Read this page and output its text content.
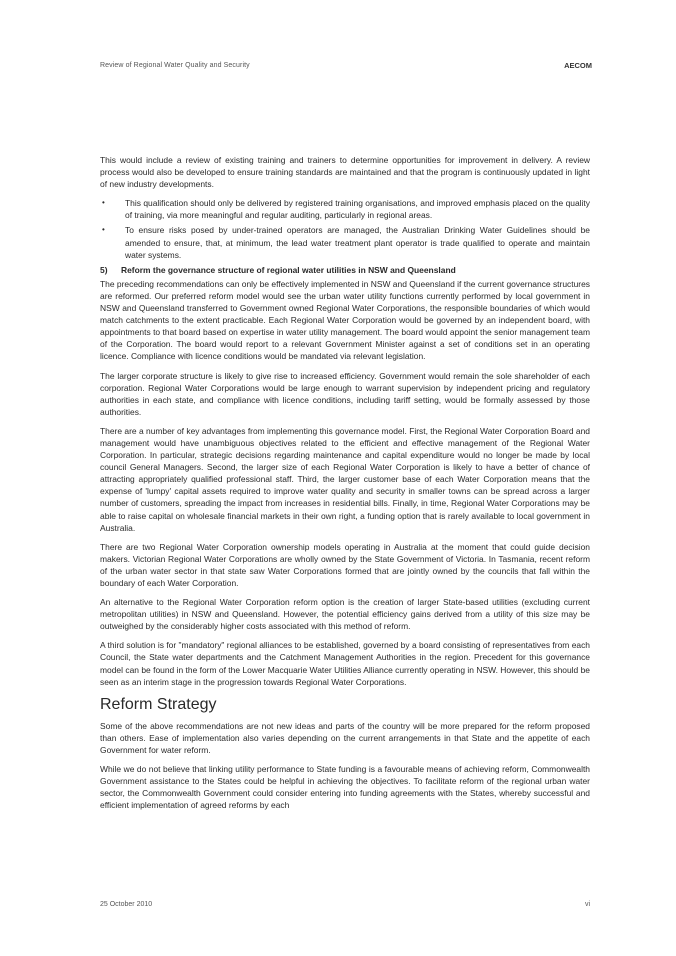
Review of Regional Water Quality and Security	AECOM

This would include a review of existing training and trainers to determine opportunities for improvement in delivery. A review process would also be developed to ensure training standards are maintained and that the program is continuously updated in light of new industry developments.

• This qualification should only be delivered by registered training organisations, and improved emphasis placed on the quality of training, via more meaningful and regular auditing, particularly in regional areas.
• To ensure risks posed by under-trained operators are managed, the Australian Drinking Water Guidelines should be amended to ensure, that, at minimum, the lead water treatment plant operator is trade qualified to operate and maintain water systems.
5)	Reform the governance structure of regional water utilities in NSW and Queensland

The preceding recommendations can only be effectively implemented in NSW and Queensland if the current governance structures are reformed. Our preferred reform model would see the urban water utility functions currently performed by local government in NSW and Queensland transferred to Government owned Regional Water Corporations, the responsible boundaries of which would match catchments to the extent practicable. Each Regional Water Corporation would be governed by an independent board, with appointments to that board based on expertise in water utility management. The board would appoint the senior management team of the Corporation. The board would report to a relevant Government Minister against a set of conditions set in an operating licence. Compliance with licence conditions would be mandated via relevant legislation.

The larger corporate structure is likely to give rise to increased efficiency. Government would remain the sole shareholder of each corporation. Regional Water Corporations would be large enough to warrant supervision by independent pricing and regulatory authorities in each state, and compliance with licence conditions, including tariff setting, would be formally assessed by those authorities.

There are a number of key advantages from implementing this governance model. First, the Regional Water Corporation Board and management would have unambiguous objectives related to the efficient and effective management of the Regional Water Corporation. In particular, strategic decisions regarding maintenance and capital expenditure would no longer be made by local council General Managers. Second, the larger size of each Regional Water Corporation is likely to have a better of chance of attracting appropriately qualified professional staff. Third, the larger customer base of each Water Corporation means that the expense of 'lumpy' capital assets required to improve water quality and security in smaller towns can be spread across a larger number of customers, spreading the impact from increases in residential bills. Finally, in time, Regional Water Corporations may be able to raise capital on wholesale financial markets in their own right, a funding option that is rarely available to local government in Australia.

There are two Regional Water Corporation ownership models operating in Australia at the moment that could guide decision makers. Victorian Regional Water Corporations are wholly owned by the State Government of Victoria. In Tasmania, recent reform of the urban water sector in that state saw Water Corporations formed that are jointly owned by the councils that fall within the boundary of each Water Corporation.

An alternative to the Regional Water Corporation reform option is the creation of larger State-based utilities (excluding current metropolitan utilities) in NSW and Queensland. However, the potential efficiency gains derived from a utility of this size may be outweighed by the considerably higher costs associated with this method of reform.

A third solution is for "mandatory" regional alliances to be established, governed by a board consisting of representatives from each Council, the State water departments and the Catchment Management Authorities in the region. Precedent for this governance model can be found in the form of the Lower Macquarie Water Utilities Alliance currently operating in NSW. However, this should be seen as an interim stage in the progression towards Regional Water Corporations.

Reform Strategy

Some of the above recommendations are not new ideas and parts of the country will be more prepared for the reform proposed than others. Ease of implementation also varies depending on the current arrangements in that State and the appetite of each Government for water reform.

While we do not believe that linking utility performance to State funding is a favourable means of achieving reform, Commonwealth Government assistance to the States could be helpful in achieving the objectives. To facilitate reform of the regional urban water sector, the Commonwealth Government could consider entering into funding agreements with the States, whereby successful and efficient implementation of agreed reforms by each

25 October 2010	vi
